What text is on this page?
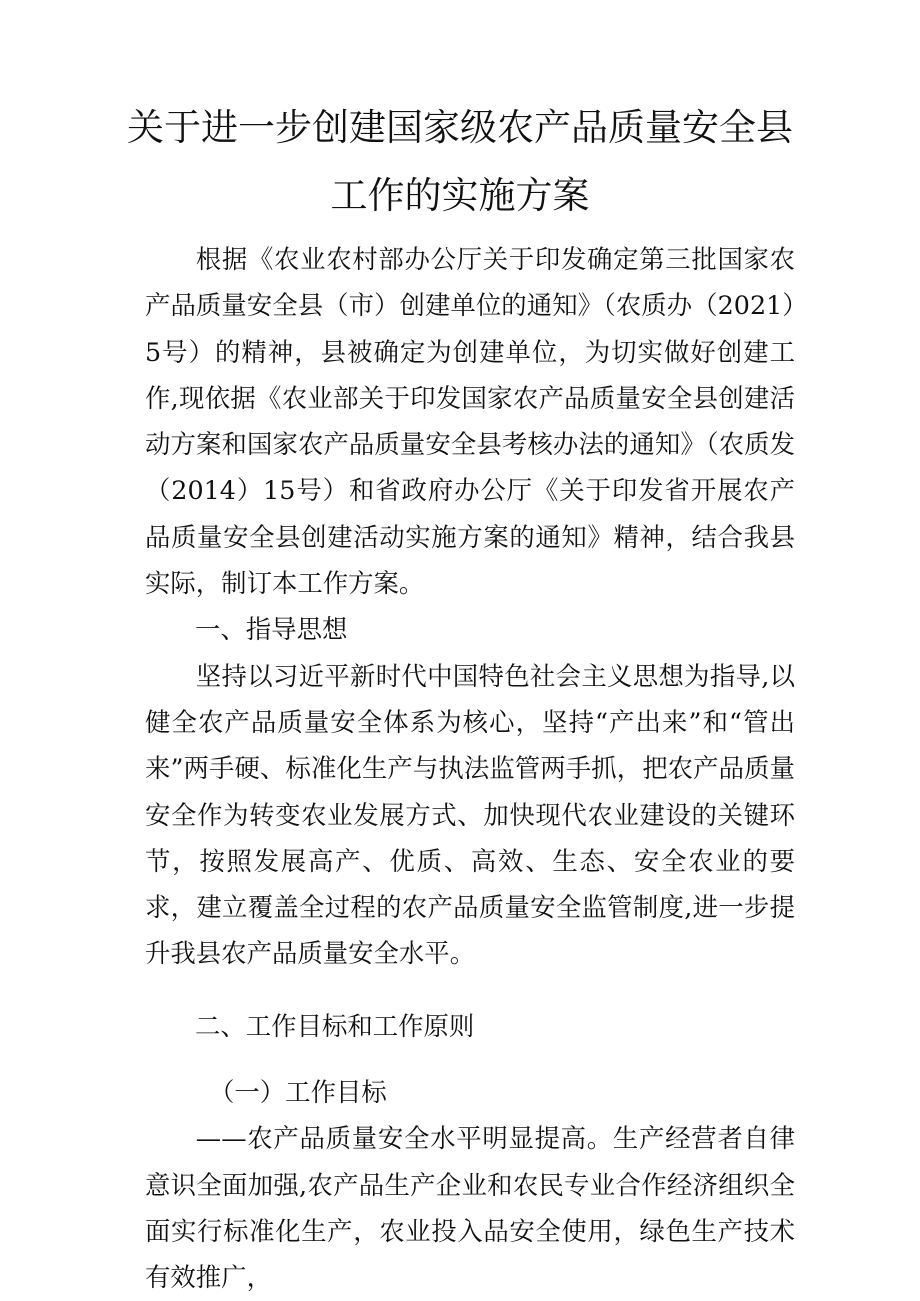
关于进一步创建国家级农产品质量安全县
工作的实施方案

根据《农业农村部办公厅关于印发确定第三批国家农产品质量安全县（市）创建单位的通知》（农质办（2021）5号）的精神，县被确定为创建单位，为切实做好创建工作,现依据《农业部关于印发国家农产品质量安全县创建活动方案和国家农产品质量安全县考核办法的通知》（农质发（2014）15号）和省政府办公厅《关于印发省开展农产品质量安全县创建活动实施方案的通知》精神，结合我县实际，制订本工作方案。

一、指导思想

坚持以习近平新时代中国特色社会主义思想为指导,以健全农产品质量安全体系为核心，坚持“产出来”和“管出来”两手硬、标准化生产与执法监管两手抓，把农产品质量安全作为转变农业发展方式、加快现代农业建设的关键环节，按照发展高产、优质、高效、生态、安全农业的要求，建立覆盖全过程的农产品质量安全监管制度,进一步提升我县农产品质量安全水平。

二、工作目标和工作原则

（一）工作目标

——农产品质量安全水平明显提高。生产经营者自律意识全面加强,农产品生产企业和农民专业合作经济组织全面实行标准化生产，农业投入品安全使用，绿色生产技术有效推广，
